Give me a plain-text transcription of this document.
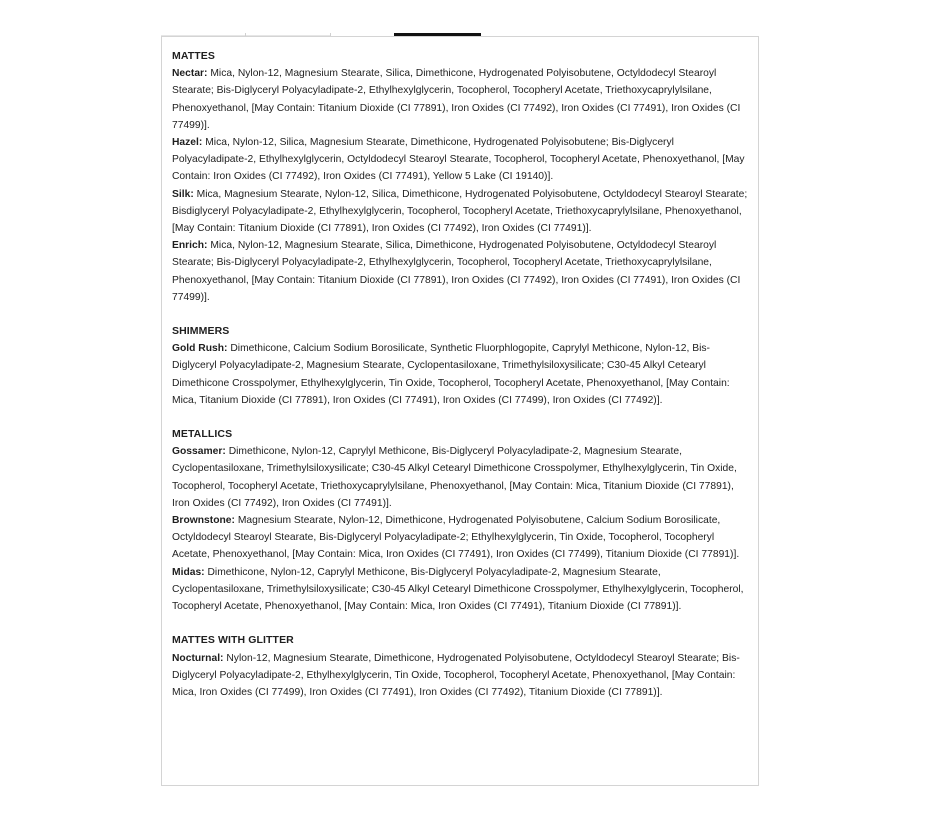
MATTES

Nectar: Mica, Nylon-12, Magnesium Stearate, Silica, Dimethicone, Hydrogenated Polyisobutene, Octyldodecyl Stearoyl Stearate; Bis-Diglyceryl Polyacyladipate-2, Ethylhexylglycerin, Tocopherol, Tocopheryl Acetate, Triethoxycaprylylsilane, Phenoxyethanol, [May Contain: Titanium Dioxide (CI 77891), Iron Oxides (CI 77492), Iron Oxides (CI 77491), Iron Oxides (CI 77499)].

Hazel: Mica, Nylon-12, Silica, Magnesium Stearate, Dimethicone, Hydrogenated Polyisobutene; Bis-Diglyceryl Polyacyladipate-2, Ethylhexylglycerin, Octyldodecyl Stearoyl Stearate, Tocopherol, Tocopheryl Acetate, Phenoxyethanol, [May Contain: Iron Oxides (CI 77492), Iron Oxides (CI 77491), Yellow 5 Lake (CI 19140)].

Silk: Mica, Magnesium Stearate, Nylon-12, Silica, Dimethicone, Hydrogenated Polyisobutene, Octyldodecyl Stearoyl Stearate; Bisdiglyceryl Polyacyladipate-2, Ethylhexylglycerin, Tocopherol, Tocopheryl Acetate, Triethoxycaprylylsilane, Phenoxyethanol, [May Contain: Titanium Dioxide (CI 77891), Iron Oxides (CI 77492), Iron Oxides (CI 77491)].

Enrich: Mica, Nylon-12, Magnesium Stearate, Silica, Dimethicone, Hydrogenated Polyisobutene, Octyldodecyl Stearoyl Stearate; Bis-Diglyceryl Polyacyladipate-2, Ethylhexylglycerin, Tocopherol, Tocopheryl Acetate, Triethoxycaprylylsilane, Phenoxyethanol, [May Contain: Titanium Dioxide (CI 77891), Iron Oxides (CI 77492), Iron Oxides (CI 77491), Iron Oxides (CI 77499)].

SHIMMERS

Gold Rush: Dimethicone, Calcium Sodium Borosilicate, Synthetic Fluorphlogopite, Caprylyl Methicone, Nylon-12, Bis-Diglyceryl Polyacyladipate-2, Magnesium Stearate, Cyclopentasiloxane, Trimethylsiloxysilicate; C30-45 Alkyl Cetearyl Dimethicone Crosspolymer, Ethylhexylglycerin, Tin Oxide, Tocopherol, Tocopheryl Acetate, Phenoxyethanol, [May Contain: Mica, Titanium Dioxide (CI 77891), Iron Oxides (CI 77491), Iron Oxides (CI 77499), Iron Oxides (CI 77492)].

METALLICS

Gossamer: Dimethicone, Nylon-12, Caprylyl Methicone, Bis-Diglyceryl Polyacyladipate-2, Magnesium Stearate, Cyclopentasiloxane, Trimethylsiloxysilicate; C30-45 Alkyl Cetearyl Dimethicone Crosspolymer, Ethylhexylglycerin, Tin Oxide, Tocopherol, Tocopheryl Acetate, Triethoxycaprylylsilane, Phenoxyethanol, [May Contain: Mica, Titanium Dioxide (CI 77891), Iron Oxides (CI 77492), Iron Oxides (CI 77491)].

Brownstone: Magnesium Stearate, Nylon-12, Dimethicone, Hydrogenated Polyisobutene, Calcium Sodium Borosilicate, Octyldodecyl Stearoyl Stearate, Bis-Diglyceryl Polyacyladipate-2; Ethylhexylglycerin, Tin Oxide, Tocopherol, Tocopheryl Acetate, Phenoxyethanol, [May Contain: Mica, Iron Oxides (CI 77491), Iron Oxides (CI 77499), Titanium Dioxide (CI 77891)].

Midas: Dimethicone, Nylon-12, Caprylyl Methicone, Bis-Diglyceryl Polyacyladipate-2, Magnesium Stearate, Cyclopentasiloxane, Trimethylsiloxysilicate; C30-45 Alkyl Cetearyl Dimethicone Crosspolymer, Ethylhexylglycerin, Tocopherol, Tocopheryl Acetate, Phenoxyethanol, [May Contain: Mica, Iron Oxides (CI 77491), Titanium Dioxide (CI 77891)].

MATTES WITH GLITTER

Nocturnal: Nylon-12, Magnesium Stearate, Dimethicone, Hydrogenated Polyisobutene, Octyldodecyl Stearoyl Stearate; Bis-Diglyceryl Polyacyladipate-2, Ethylhexylglycerin, Tin Oxide, Tocopherol, Tocopheryl Acetate, Phenoxyethanol, [May Contain: Mica, Iron Oxides (CI 77499), Iron Oxides (CI 77491), Iron Oxides (CI 77492), Titanium Dioxide (CI 77891)].
